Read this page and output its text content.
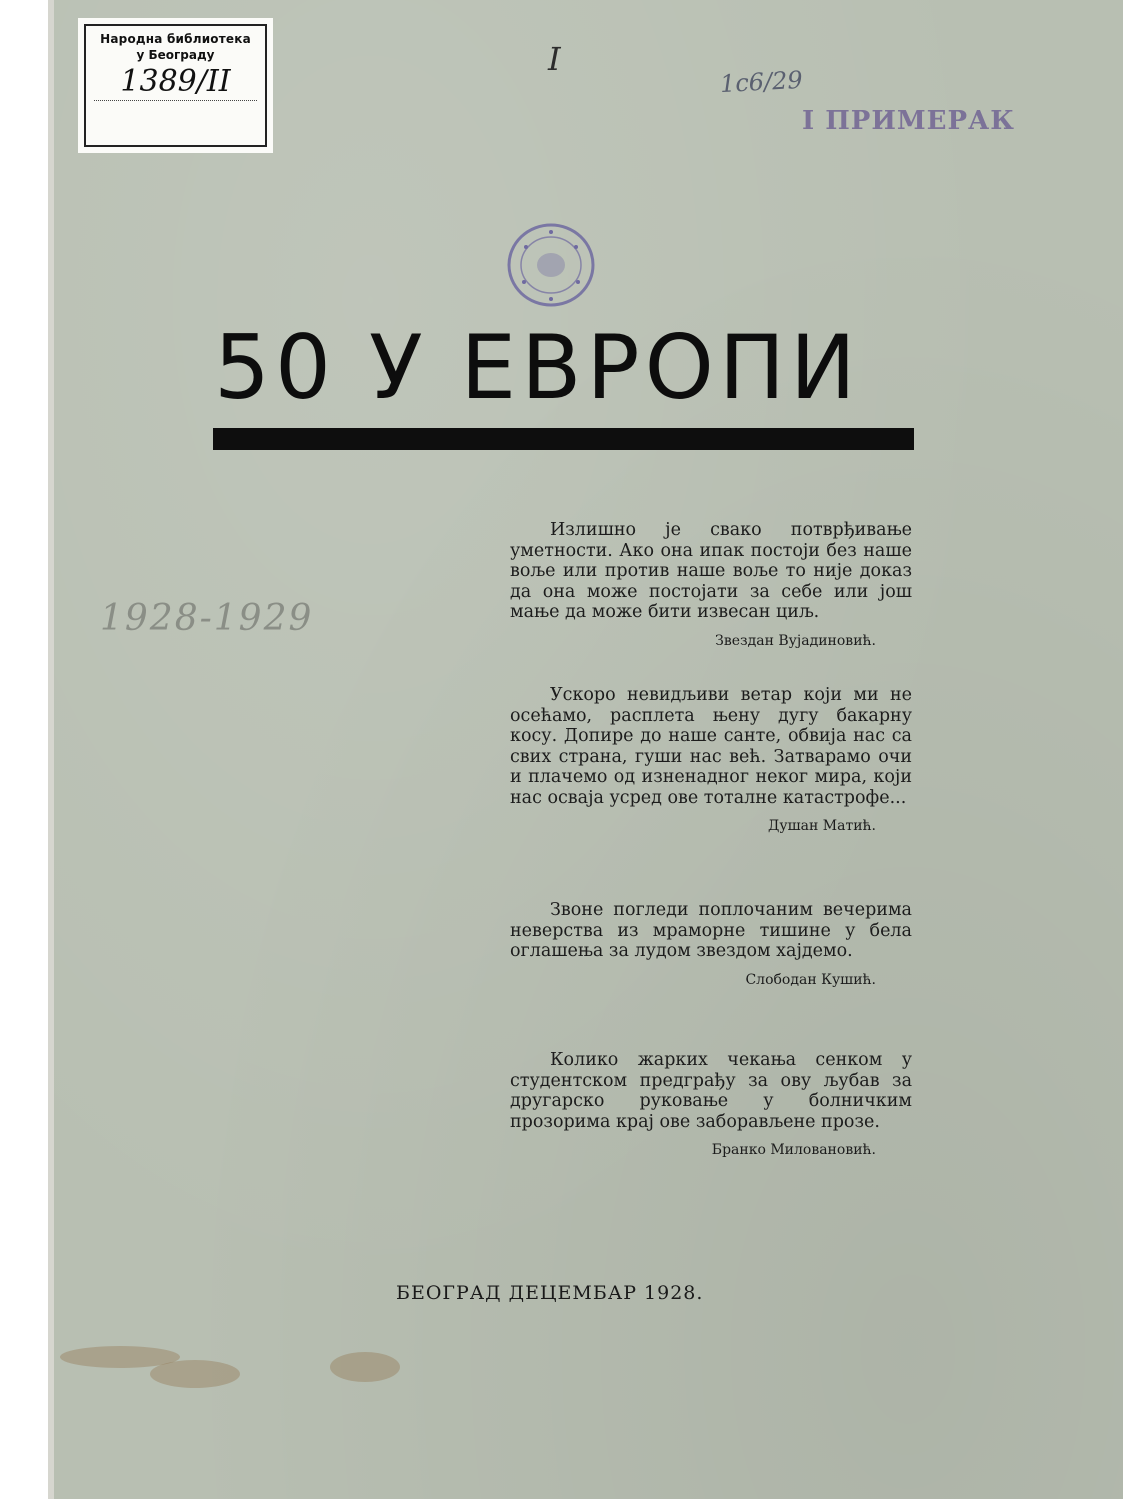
Народна библиотека
у Београду
1389/II
I
1с6/29
I ПРИМЕРАК
50 У ЕВРОПИ
1928-1929

Излишно је свако потврђивање уметности. Ако она ипак постоји без наше воље или против наше воље то није доказ да она може постојати за себе или још мање да може бити извесан циљ.

Звездан Вујадиновић.

Ускоро невидљиви ветар који ми не осећамо, расплета њену дугу бакарну косу. Допире до наше санте, обвија нас са свих страна, гуши нас већ. Затварамо очи и плачемо од изненадног неког мира, који нас осваја усред ове тоталне катастрофе...

Душан Матић.

Звоне погледи поплочаним вечерима неверства из мраморне тишине у бела оглашења за лудом звездом хајдемо.

Слободан Кушић.

Колико жарких чекања сенком у студентском предграђу за ову љубав за другарско руковање у болничким прозорима крај ове заборављене прозе.

Бранко Миловановић.

БЕОГРАД ДЕЦЕМБАР 1928.
